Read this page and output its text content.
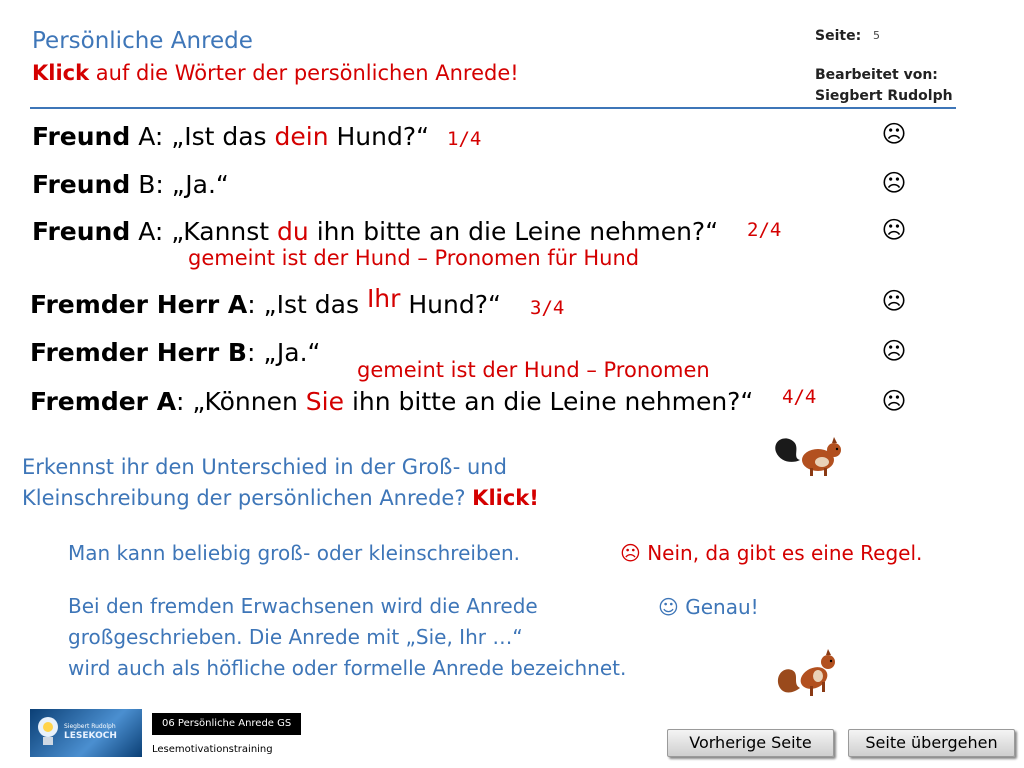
Persönliche Anrede
Klick auf die Wörter der persönlichen Anrede!
Seite: 5
Bearbeitet von:
Siegbert Rudolph
Freund A: „Ist das dein Hund?“ 1/4
Freund B: „Ja.“
Freund A: „Kannst du ihn bitte an die Leine nehmen?“ 2/4
gemeint ist der Hund – Pronomen für Hund
Fremder Herr A: „Ist das Ihr Hund?“ 3/4
Fremder Herr B: „Ja.“
gemeint ist der Hund – Pronomen
Fremder A: „Können Sie ihn bitte an die Leine nehmen?“ 4/4
☹
☹
☹
☹
☹
☹
Erkennst ihr den Unterschied in der Groß- und
Kleinschreibung der persönlichen Anrede? Klick!
Man kann beliebig groß- oder kleinschreiben.	☹ Nein, da gibt es eine Regel.
Bei den fremden Erwachsenen wird die Anrede
großgeschrieben. Die Anrede mit „Sie, Ihr …“
wird auch als höfliche oder formelle Anrede bezeichnet.
☺ Genau!
Siegbert Rudolph
LESEKOCH
06 Persönliche Anrede GS
Lesemotivationstraining	Vorherige Seite	Seite übergehen
